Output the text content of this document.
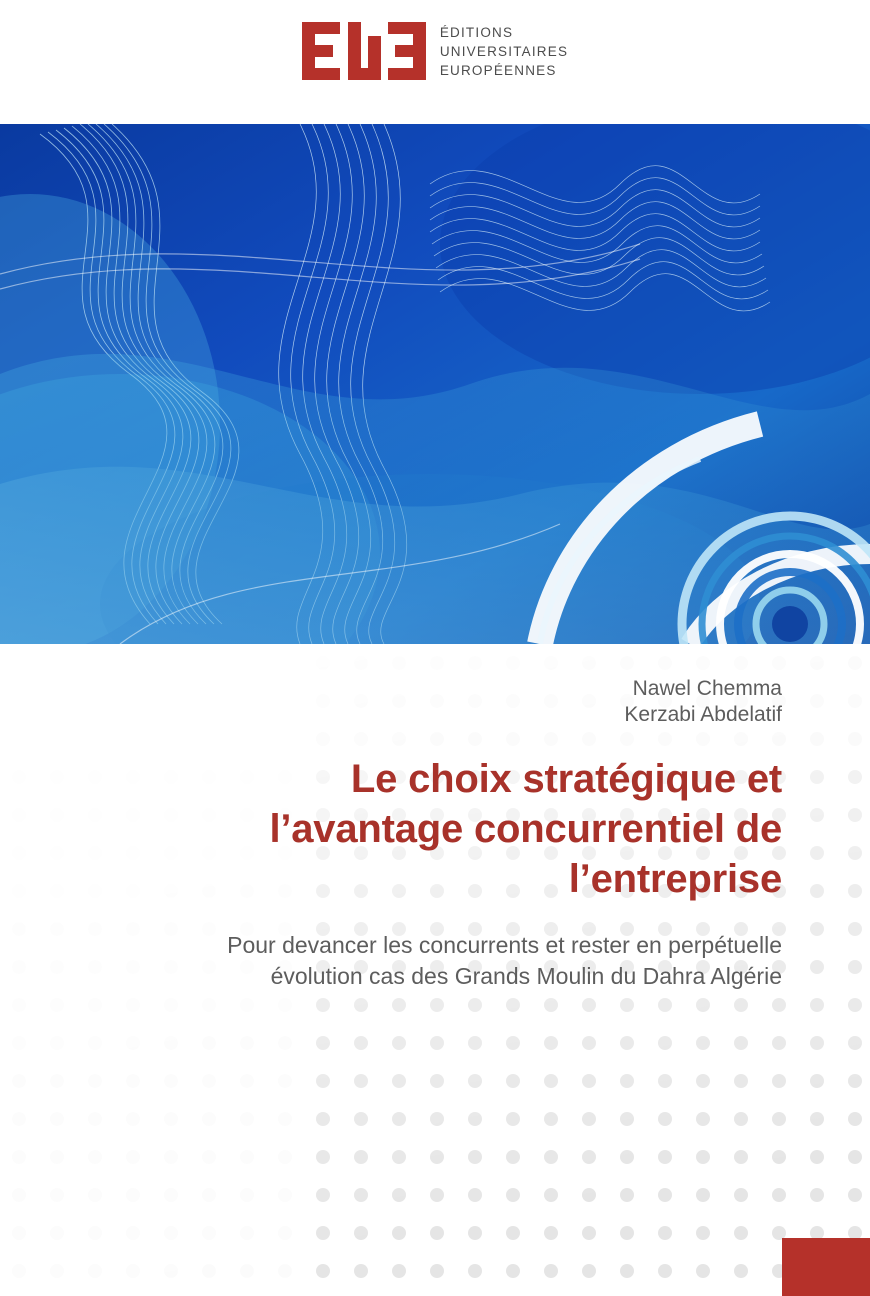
ÉDITIONS
UNIVERSITAIRES
EUROPÉENNES
Nawel Chemma
Kerzabi Abdelatif
Le choix stratégique et l’avantage concurrentiel de l’entreprise
Pour devancer les concurrents et rester en perpétuelle évolution cas des Grands Moulin du Dahra Algérie
